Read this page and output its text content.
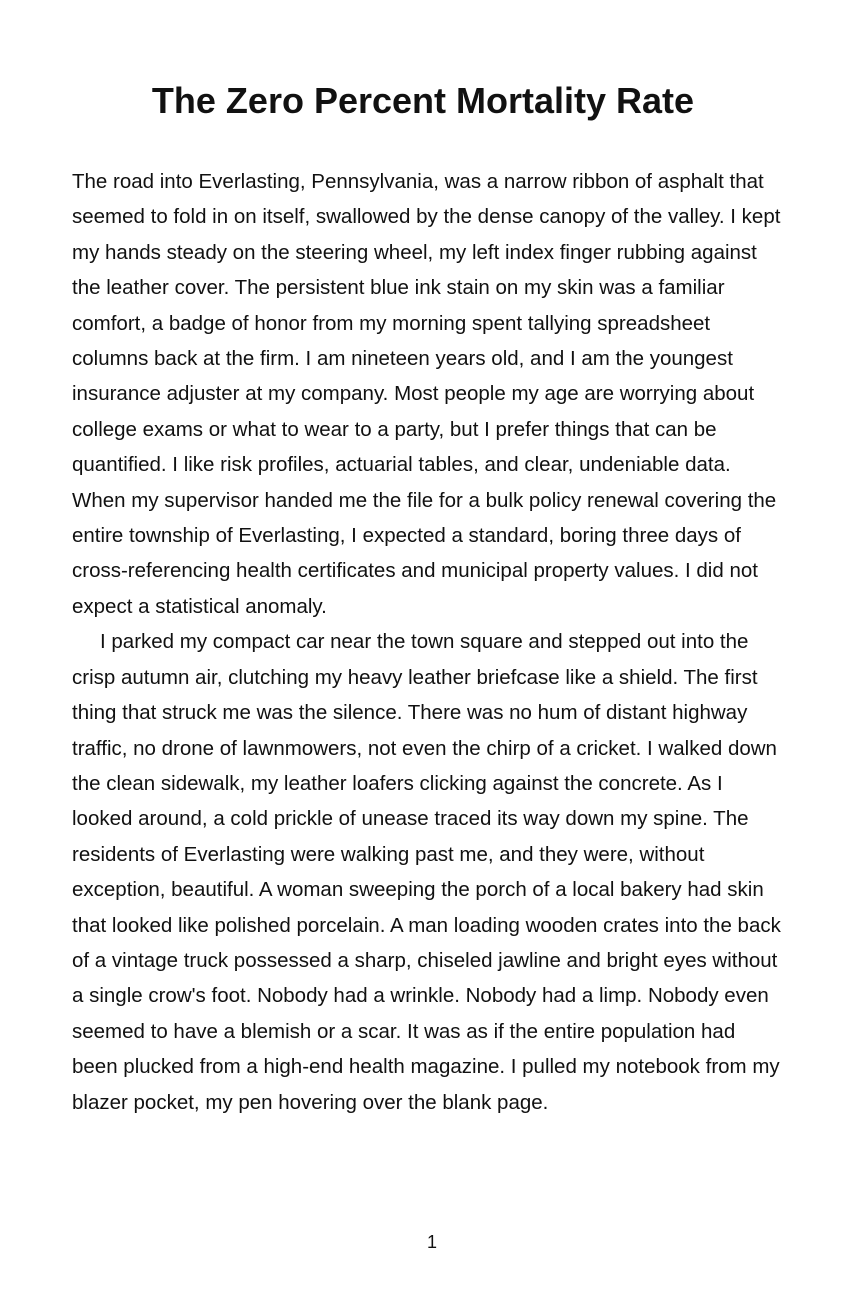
The Zero Percent Mortality Rate

The road into Everlasting, Pennsylvania, was a narrow ribbon of asphalt that seemed to fold in on itself, swallowed by the dense canopy of the valley. I kept my hands steady on the steering wheel, my left index finger rubbing against the leather cover. The persistent blue ink stain on my skin was a familiar comfort, a badge of honor from my morning spent tallying spreadsheet columns back at the firm. I am nineteen years old, and I am the youngest insurance adjuster at my company. Most people my age are worrying about college exams or what to wear to a party, but I prefer things that can be quantified. I like risk profiles, actuarial tables, and clear, undeniable data. When my supervisor handed me the file for a bulk policy renewal covering the entire township of Everlasting, I expected a standard, boring three days of cross-referencing health certificates and municipal property values. I did not expect a statistical anomaly.

I parked my compact car near the town square and stepped out into the crisp autumn air, clutching my heavy leather briefcase like a shield. The first thing that struck me was the silence. There was no hum of distant highway traffic, no drone of lawnmowers, not even the chirp of a cricket. I walked down the clean sidewalk, my leather loafers clicking against the concrete. As I looked around, a cold prickle of unease traced its way down my spine. The residents of Everlasting were walking past me, and they were, without exception, beautiful. A woman sweeping the porch of a local bakery had skin that looked like polished porcelain. A man loading wooden crates into the back of a vintage truck possessed a sharp, chiseled jawline and bright eyes without a single crow's foot. Nobody had a wrinkle. Nobody had a limp. Nobody even seemed to have a blemish or a scar. It was as if the entire population had been plucked from a high-end health magazine. I pulled my notebook from my blazer pocket, my pen hovering over the blank page.

1
